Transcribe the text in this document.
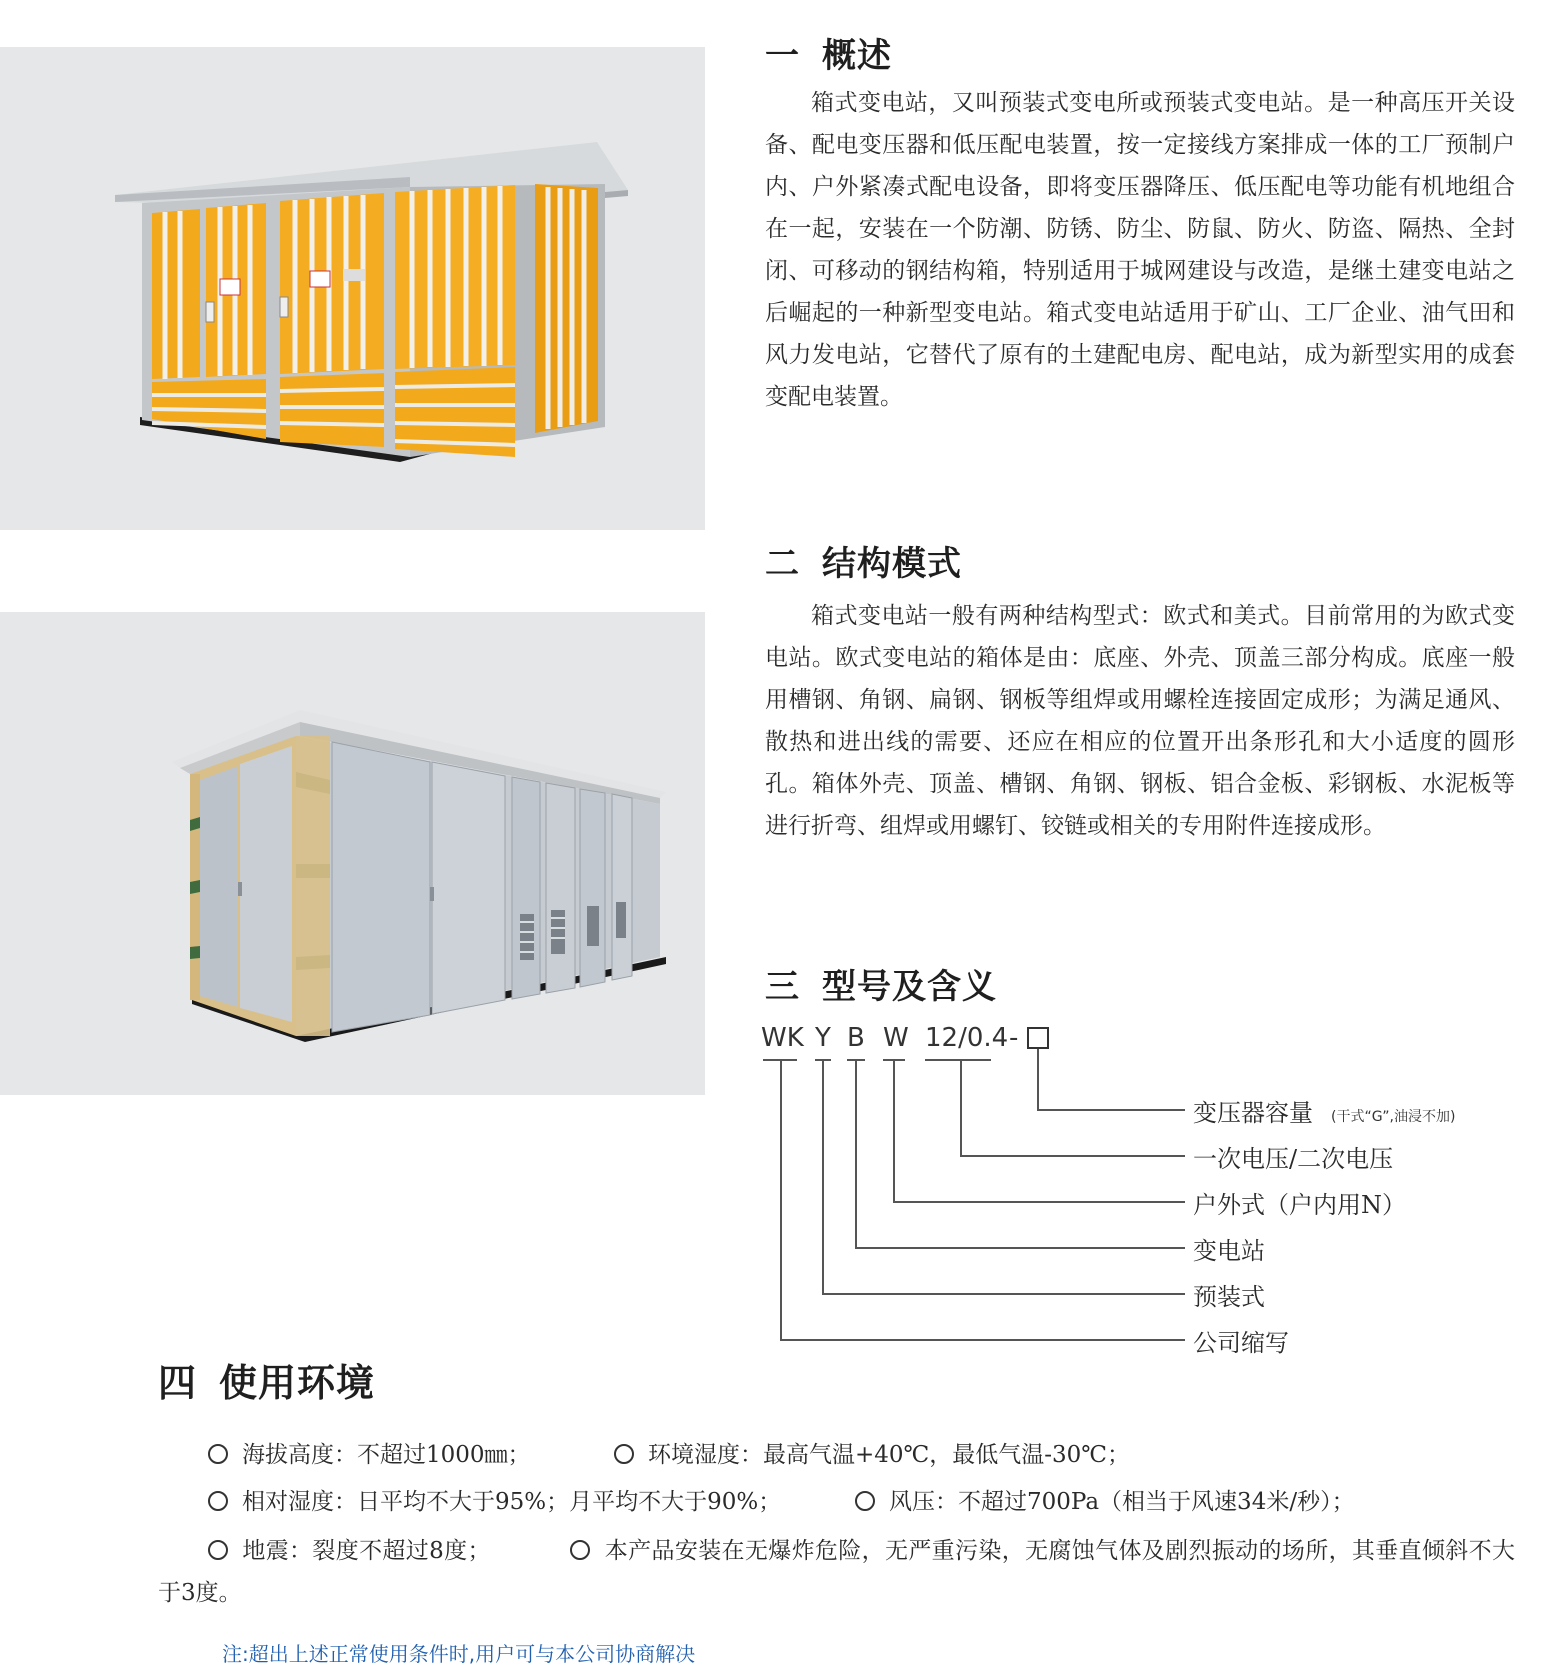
一 概述

箱式变电站，又叫预装式变电所或预装式变电站。是一种高压开关设备、配电变压器和低压配电装置，按一定接线方案排成一体的工厂预制户内、户外紧凑式配电设备，即将变压器降压、低压配电等功能有机地组合在一起，安装在一个防潮、防锈、防尘、防鼠、防火、防盗、隔热、全封闭、可移动的钢结构箱，特别适用于城网建设与改造，是继土建变电站之后崛起的一种新型变电站。箱式变电站适用于矿山、工厂企业、油气田和风力发电站，它替代了原有的土建配电房、配电站，成为新型实用的成套变配电装置。

二 结构模式

箱式变电站一般有两种结构型式：欧式和美式。目前常用的为欧式变电站。欧式变电站的箱体是由：底座、外壳、顶盖三部分构成。底座一般用槽钢、角钢、扁钢、钢板等组焊或用螺栓连接固定成形；为满足通风、散热和进出线的需要、还应在相应的位置开出条形孔和大小适度的圆形孔。箱体外壳、顶盖、槽钢、角钢、钢板、铝合金板、彩钢板、水泥板等进行折弯、组焊或用螺钉、铰链或相关的专用附件连接成形。

三 型号及含义
WK Y B W 12/0.4 -
变压器容量 (干式“G”,油浸不加)
一次电压/二次电压
户外式（户内用N）
变电站
预装式
公司缩写
四 使用环境
海拔高度：不超过1000㎜；	环境湿度：最高气温+40℃，最低气温-30℃；
相对湿度：日平均不大于95%；月平均不大于90%；	风压：不超过700Pa（相当于风速34米/秒）；

地震：裂度不超过8度；	本产品安装在无爆炸危险，无严重污染，无腐蚀气体及剧烈振动的场所，其垂直倾斜不大于3度。

注:超出上述正常使用条件时,用户可与本公司协商解决
